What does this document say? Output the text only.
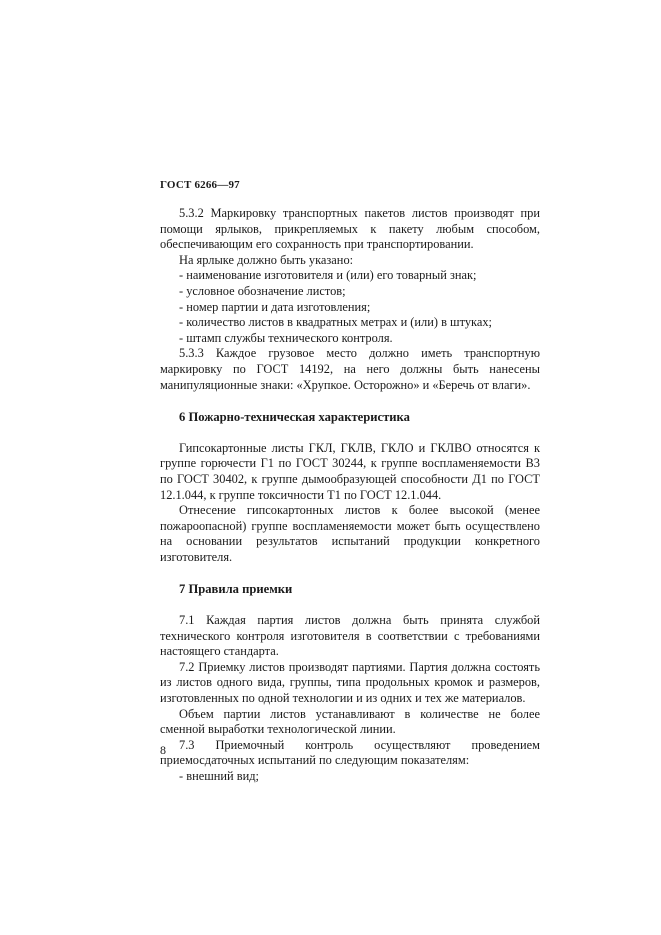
ГОСТ 6266—97

5.3.2 Маркировку транспортных пакетов листов производят при помощи ярлыков, прикрепляемых к пакету любым способом, обеспечивающим его сохранность при транспортировании.

На ярлыке должно быть указано:

- наименование изготовителя и (или) его товарный знак;

- условное обозначение листов;

- номер партии и дата изготовления;

- количество листов в квадратных метрах и (или) в штуках;

- штамп службы технического контроля.

5.3.3 Каждое грузовое место должно иметь транспортную маркировку по ГОСТ 14192, на него должны быть нанесены манипуляционные знаки: «Хрупкое. Осторожно» и «Беречь от влаги».

6 Пожарно-техническая характеристика

Гипсокартонные листы ГКЛ, ГКЛВ, ГКЛО и ГКЛВО относятся к группе горючести Г1 по ГОСТ 30244, к группе воспламеняемости В3 по ГОСТ 30402, к группе дымообразующей способности Д1 по ГОСТ 12.1.044, к группе токсичности Т1 по ГОСТ 12.1.044.

Отнесение гипсокартонных листов к более высокой (менее пожароопасной) группе воспламеняемости может быть осуществлено на основании результатов испытаний продукции конкретного изготовителя.

7 Правила приемки

7.1 Каждая партия листов должна быть принята службой технического контроля изготовителя в соответствии с требованиями настоящего стандарта.

7.2 Приемку листов производят партиями. Партия должна состоять из листов одного вида, группы, типа продольных кромок и размеров, изготовленных по одной технологии и из одних и тех же материалов.

Объем партии листов устанавливают в количестве не более сменной выработки технологической линии.

7.3 Приемочный контроль осуществляют проведением приемосдаточных испытаний по следующим показателям:

- внешний вид;

8
